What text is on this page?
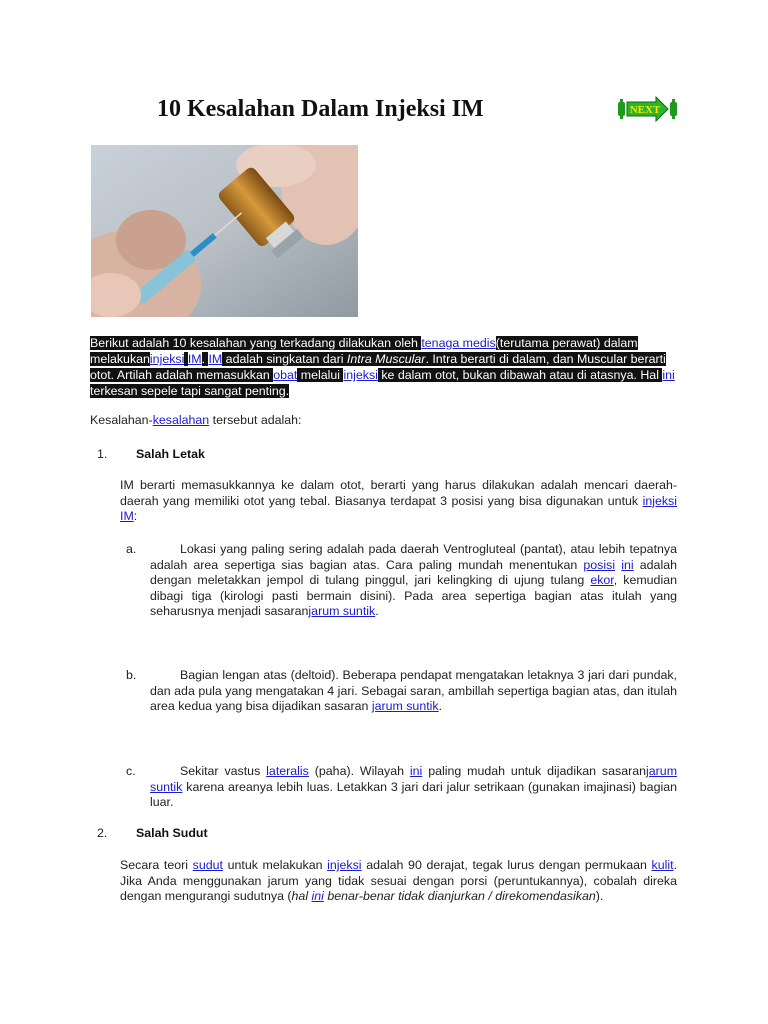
10 Kesalahan Dalam Injeksi IM	NEXT
Berikut adalah 10 kesalahan yang terkadang dilakukan oleh tenaga medis(terutama perawat) dalam melakukaninjeksi IM. IM adalah singkatan dari Intra Muscular. Intra berarti di dalam, dan Muscular berarti otot. Artilah adalah memasukkan obat melalui injeksi ke dalam otot, bukan dibawah atau di atasnya. Hal ini terkesan sepele tapi sangat penting.
Kesalahan-kesalahan tersebut adalah:
1. Salah Letak
IM berarti memasukkannya ke dalam otot, berarti yang harus dilakukan adalah mencari daerah-daerah yang memiliki otot yang tebal. Biasanya terdapat 3 posisi yang bisa digunakan untuk injeksi IM:
a.	Lokasi yang paling sering adalah pada daerah Ventrogluteal (pantat), atau lebih tepatnya adalah area sepertiga sias bagian atas. Cara paling mundah menentukan posisi ini adalah dengan meletakkan jempol di tulang pinggul, jari kelingking di ujung tulang ekor, kemudian dibagi tiga (kirologi pasti bermain disini). Pada area sepertiga bagian atas itulah yang seharusnya menjadi sasaranjarum suntik.
b.	Bagian lengan atas (deltoid). Beberapa pendapat mengatakan letaknya 3 jari dari pundak, dan ada pula yang mengatakan 4 jari. Sebagai saran, ambillah sepertiga bagian atas, dan itulah area kedua yang bisa dijadikan sasaran jarum suntik.
c.	Sekitar vastus lateralis (paha). Wilayah ini paling mudah untuk dijadikan sasaranjarum suntik karena areanya lebih luas. Letakkan 3 jari dari jalur setrikaan (gunakan imajinasi) bagian luar.
2. Salah Sudut
Secara teori sudut untuk melakukan injeksi adalah 90 derajat, tegak lurus dengan permukaan kulit. Jika Anda menggunakan jarum yang tidak sesuai dengan porsi (peruntukannya), cobalah direka dengan mengurangi sudutnya (hal ini benar-benar tidak dianjurkan / direkomendasikan).
